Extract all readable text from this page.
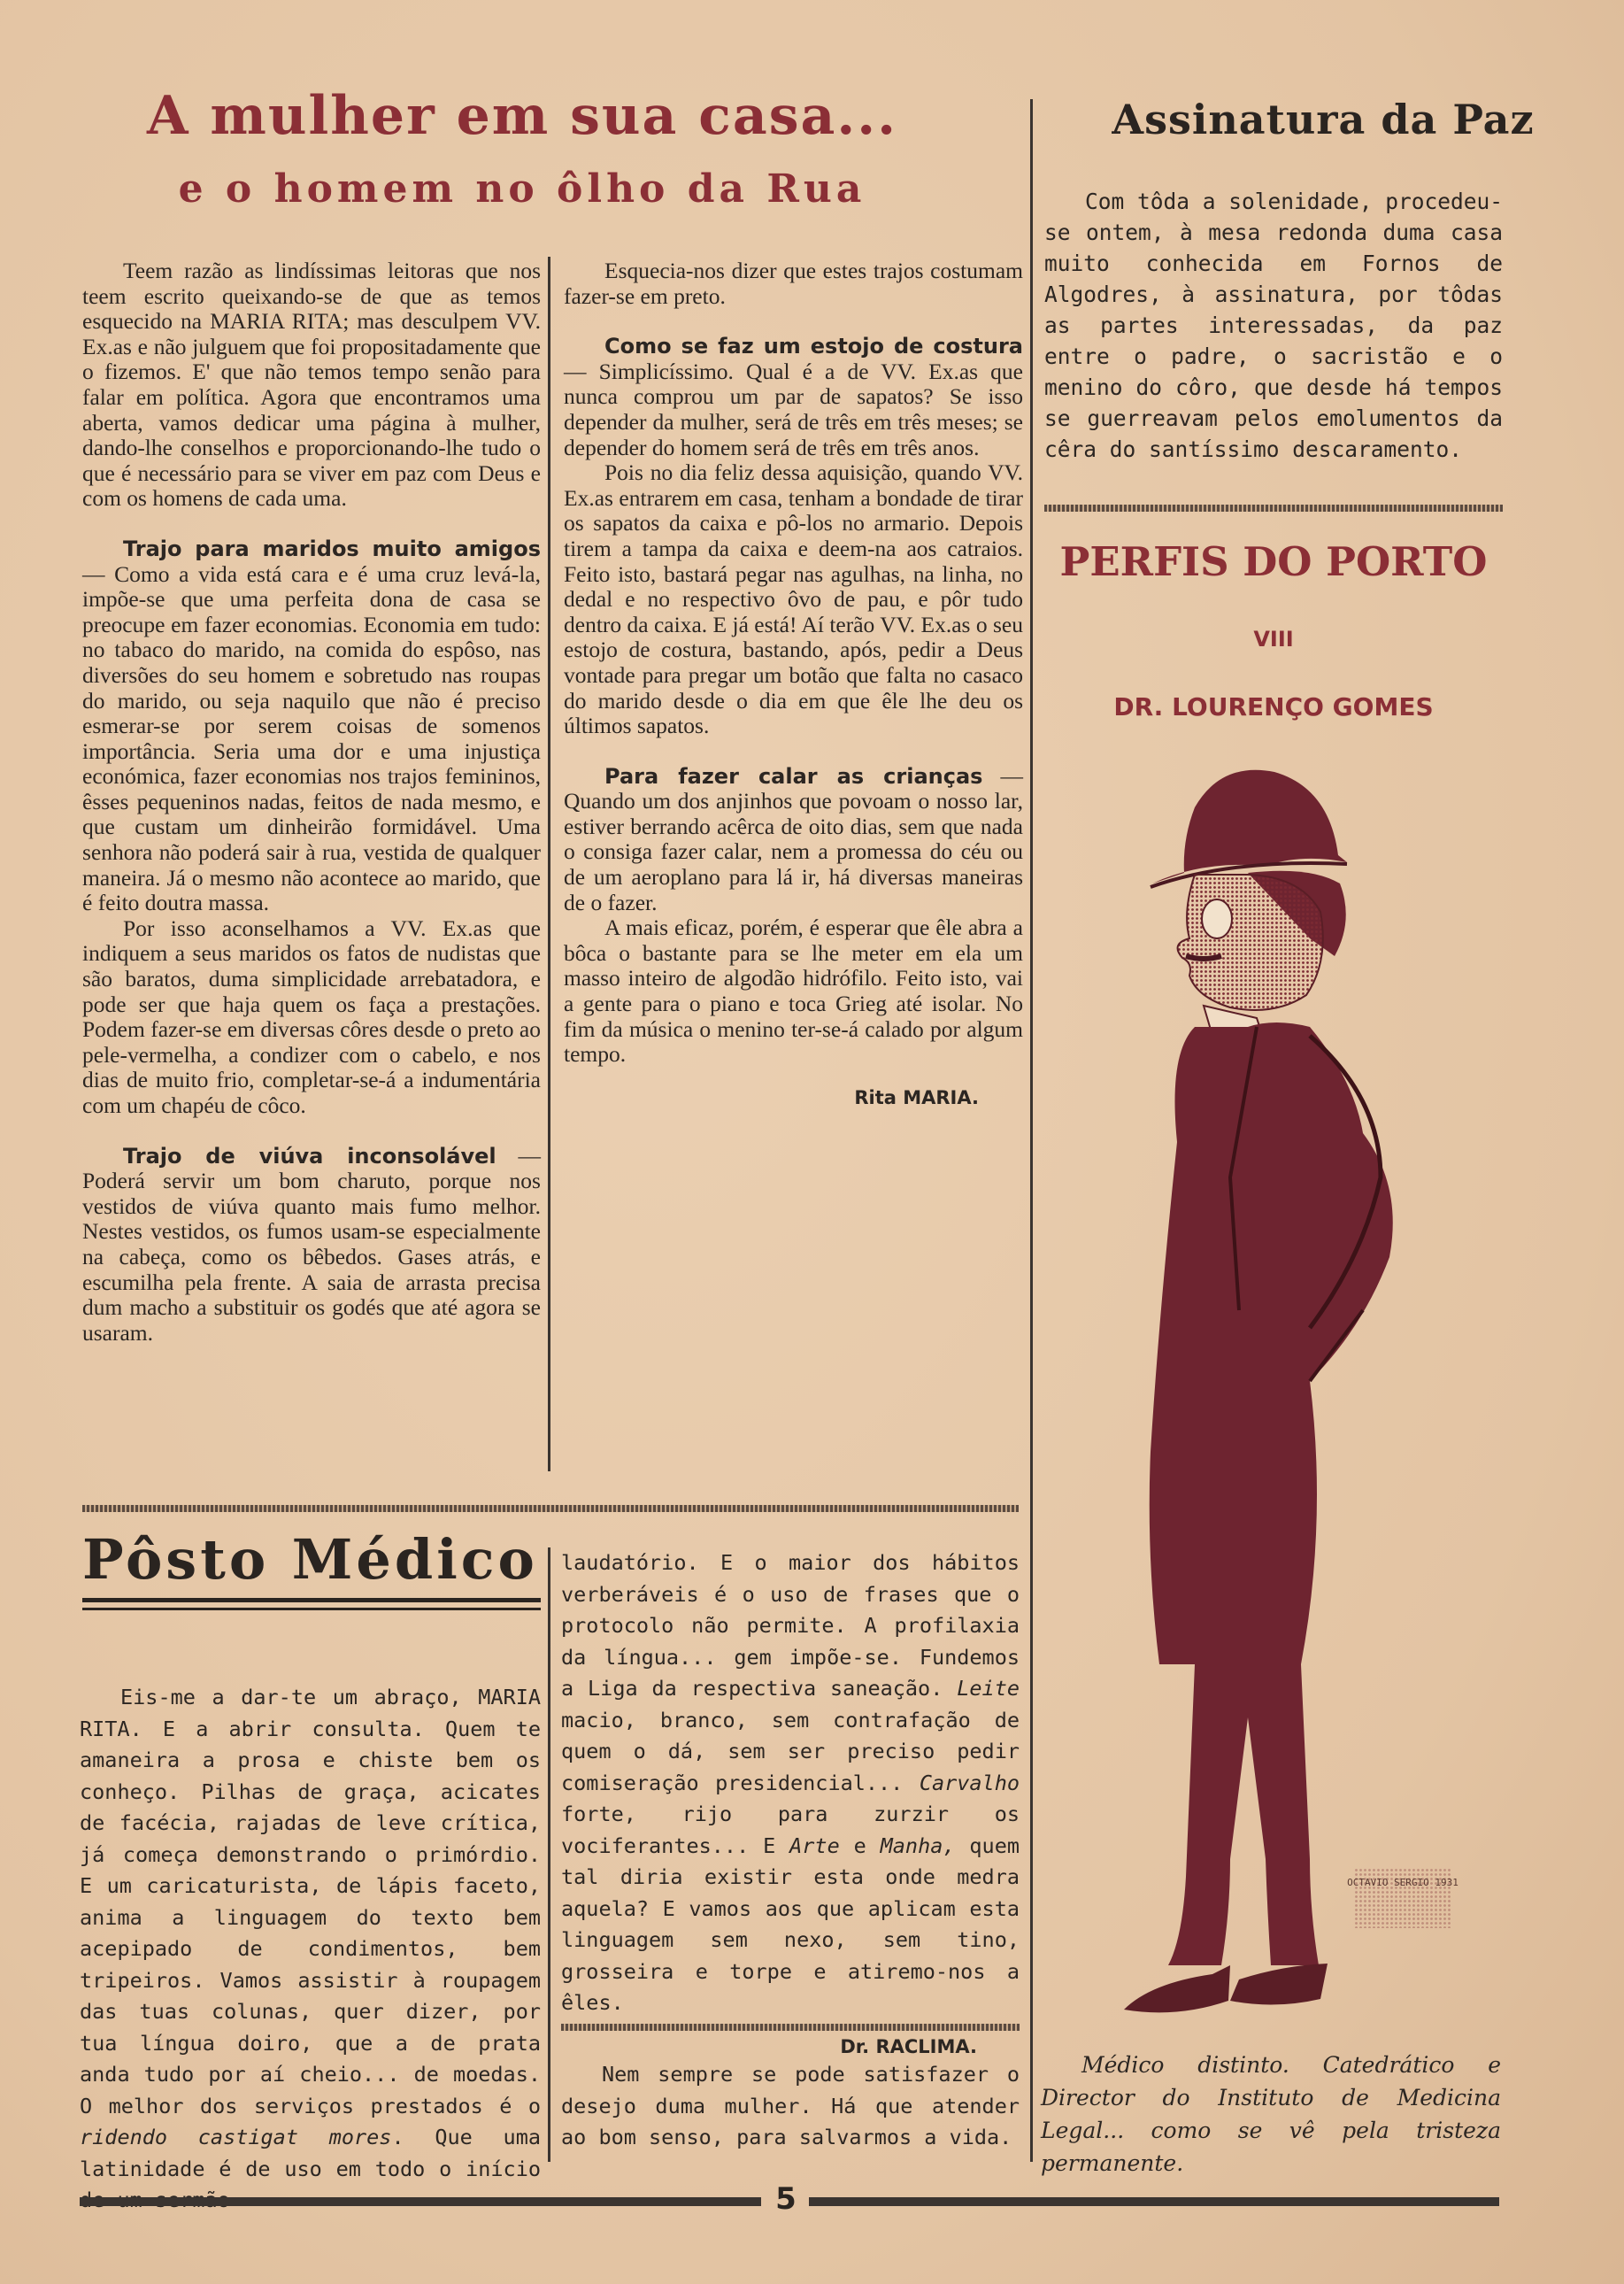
A mulher em sua casa...
e o homem no ôlho da Rua

Teem razão as lindíssimas leitoras que nos teem escrito queixando-se de que as temos esquecido na MARIA RITA; mas desculpem VV. Ex.as e não julguem que foi propositadamente que o fizemos. E' que não temos tempo senão para falar em política. Agora que encontramos uma aberta, vamos dedicar uma página à mulher, dando-lhe conselhos e proporcionando-lhe tudo o que é necessário para se viver em paz com Deus e com os homens de cada uma.

Trajo para maridos muito amigos — Como a vida está cara e é uma cruz levá-la, impõe-se que uma perfeita dona de casa se preocupe em fazer economias. Economia em tudo: no tabaco do marido, na comida do espôso, nas diversões do seu homem e sobretudo nas roupas do marido, ou seja naquilo que não é preciso esmerar-se por serem coisas de somenos importância. Seria uma dor e uma injustiça económica, fazer economias nos trajos femininos, êsses pequeninos nadas, feitos de nada mesmo, e que custam um dinheirão formidável. Uma senhora não poderá sair à rua, vestida de qualquer maneira. Já o mesmo não acontece ao marido, que é feito doutra massa.

Por isso aconselhamos a VV. Ex.as que indiquem a seus maridos os fatos de nudistas que são baratos, duma simplicidade arrebatadora, e pode ser que haja quem os faça a prestações. Podem fazer-se em diversas côres desde o preto ao pele-vermelha, a condizer com o cabelo, e nos dias de muito frio, completar-se-á a indumentária com um chapéu de côco.

Trajo de viúva inconsolável — Poderá servir um bom charuto, porque nos vestidos de viúva quanto mais fumo melhor. Nestes vestidos, os fumos usam-se especialmente na cabeça, como os bêbedos. Gases atrás, e escumilha pela frente. A saia de arrasta precisa dum macho a substituir os godés que até agora se usaram.

Esquecia-nos dizer que estes trajos costumam fazer-se em preto.

Como se faz um estojo de costura — Simplicíssimo. Qual é a de VV. Ex.as que nunca comprou um par de sapatos? Se isso depender da mulher, será de três em três meses; se depender do homem será de três em três anos.

Pois no dia feliz dessa aquisição, quando VV. Ex.as entrarem em casa, tenham a bondade de tirar os sapatos da caixa e pô-los no armario. Depois tirem a tampa da caixa e deem-na aos catraios. Feito isto, bastará pegar nas agulhas, na linha, no dedal e no respectivo ôvo de pau, e pôr tudo dentro da caixa. E já está! Aí terão VV. Ex.as o seu estojo de costura, bastando, após, pedir a Deus vontade para pregar um botão que falta no casaco do marido desde o dia em que êle lhe deu os últimos sapatos.

Para fazer calar as crianças — Quando um dos anjinhos que povoam o nosso lar, estiver berrando acêrca de oito dias, sem que nada o consiga fazer calar, nem a promessa do céu ou de um aeroplano para lá ir, há diversas maneiras de o fazer.

A mais eficaz, porém, é esperar que êle abra a bôca o bastante para se lhe meter em ela um masso inteiro de algodão hidrófilo. Feito isto, vai a gente para o piano e toca Grieg até isolar. No fim da música o menino ter-se-á calado por algum tempo.

Rita MARIA.
Assinatura da Paz

Com tôda a solenidade, procedeu-se ontem, à mesa redonda duma casa muito conhecida em Fornos de Algodres, à assinatura, por tôdas as partes interessadas, da paz entre o padre, o sacristão e o menino do côro, que desde há tempos se guerreavam pelos emolumentos da cêra do santíssimo descaramento.

PERFIS DO PORTO
VIII
DR. LOURENÇO GOMES
OCTAVIO SERGIO 1931

Médico distinto. Catedrático e Director do Instituto de Medicina Legal... como se vê pela tristeza permanente.

Pôsto Médico

Eis-me a dar-te um abraço, MARIA RITA. E a abrir consulta. Quem te amaneira a prosa e chiste bem os conheço. Pilhas de graça, acicates de facécia, rajadas de leve crítica, já começa demonstrando o primórdio. E um caricaturista, de lápis faceto, anima a linguagem do texto bem acepipado de condimentos, bem tripeiros. Vamos assistir à roupagem das tuas colunas, quer dizer, por tua língua doiro, que a de prata anda tudo por aí cheio... de moedas. O melhor dos serviços prestados é o ridendo castigat mores. Que uma latinidade é de uso em todo o início

laudatório. E o maior dos hábitos verberáveis é o uso de frases que o protocolo não permite. A profilaxia da língua... gem impõe-se. Fundemos a Liga da respectiva saneação. Leite macio, branco, sem contrafação de quem o dá, sem ser preciso pedir comiseração presidencial... Carvalho forte, rijo para zurzir os vociferantes... E Arte e Manha, quem tal diria existir esta onde medra aquela? E vamos aos que aplicam esta linguagem sem nexo, sem tino, grosseira e torpe e atiremo-nos a êles.

Dr. RACLIMA.

Nem sempre se pode satisfazer o desejo duma mulher. Há que atender ao bom senso, para salvarmos a vida.

5
